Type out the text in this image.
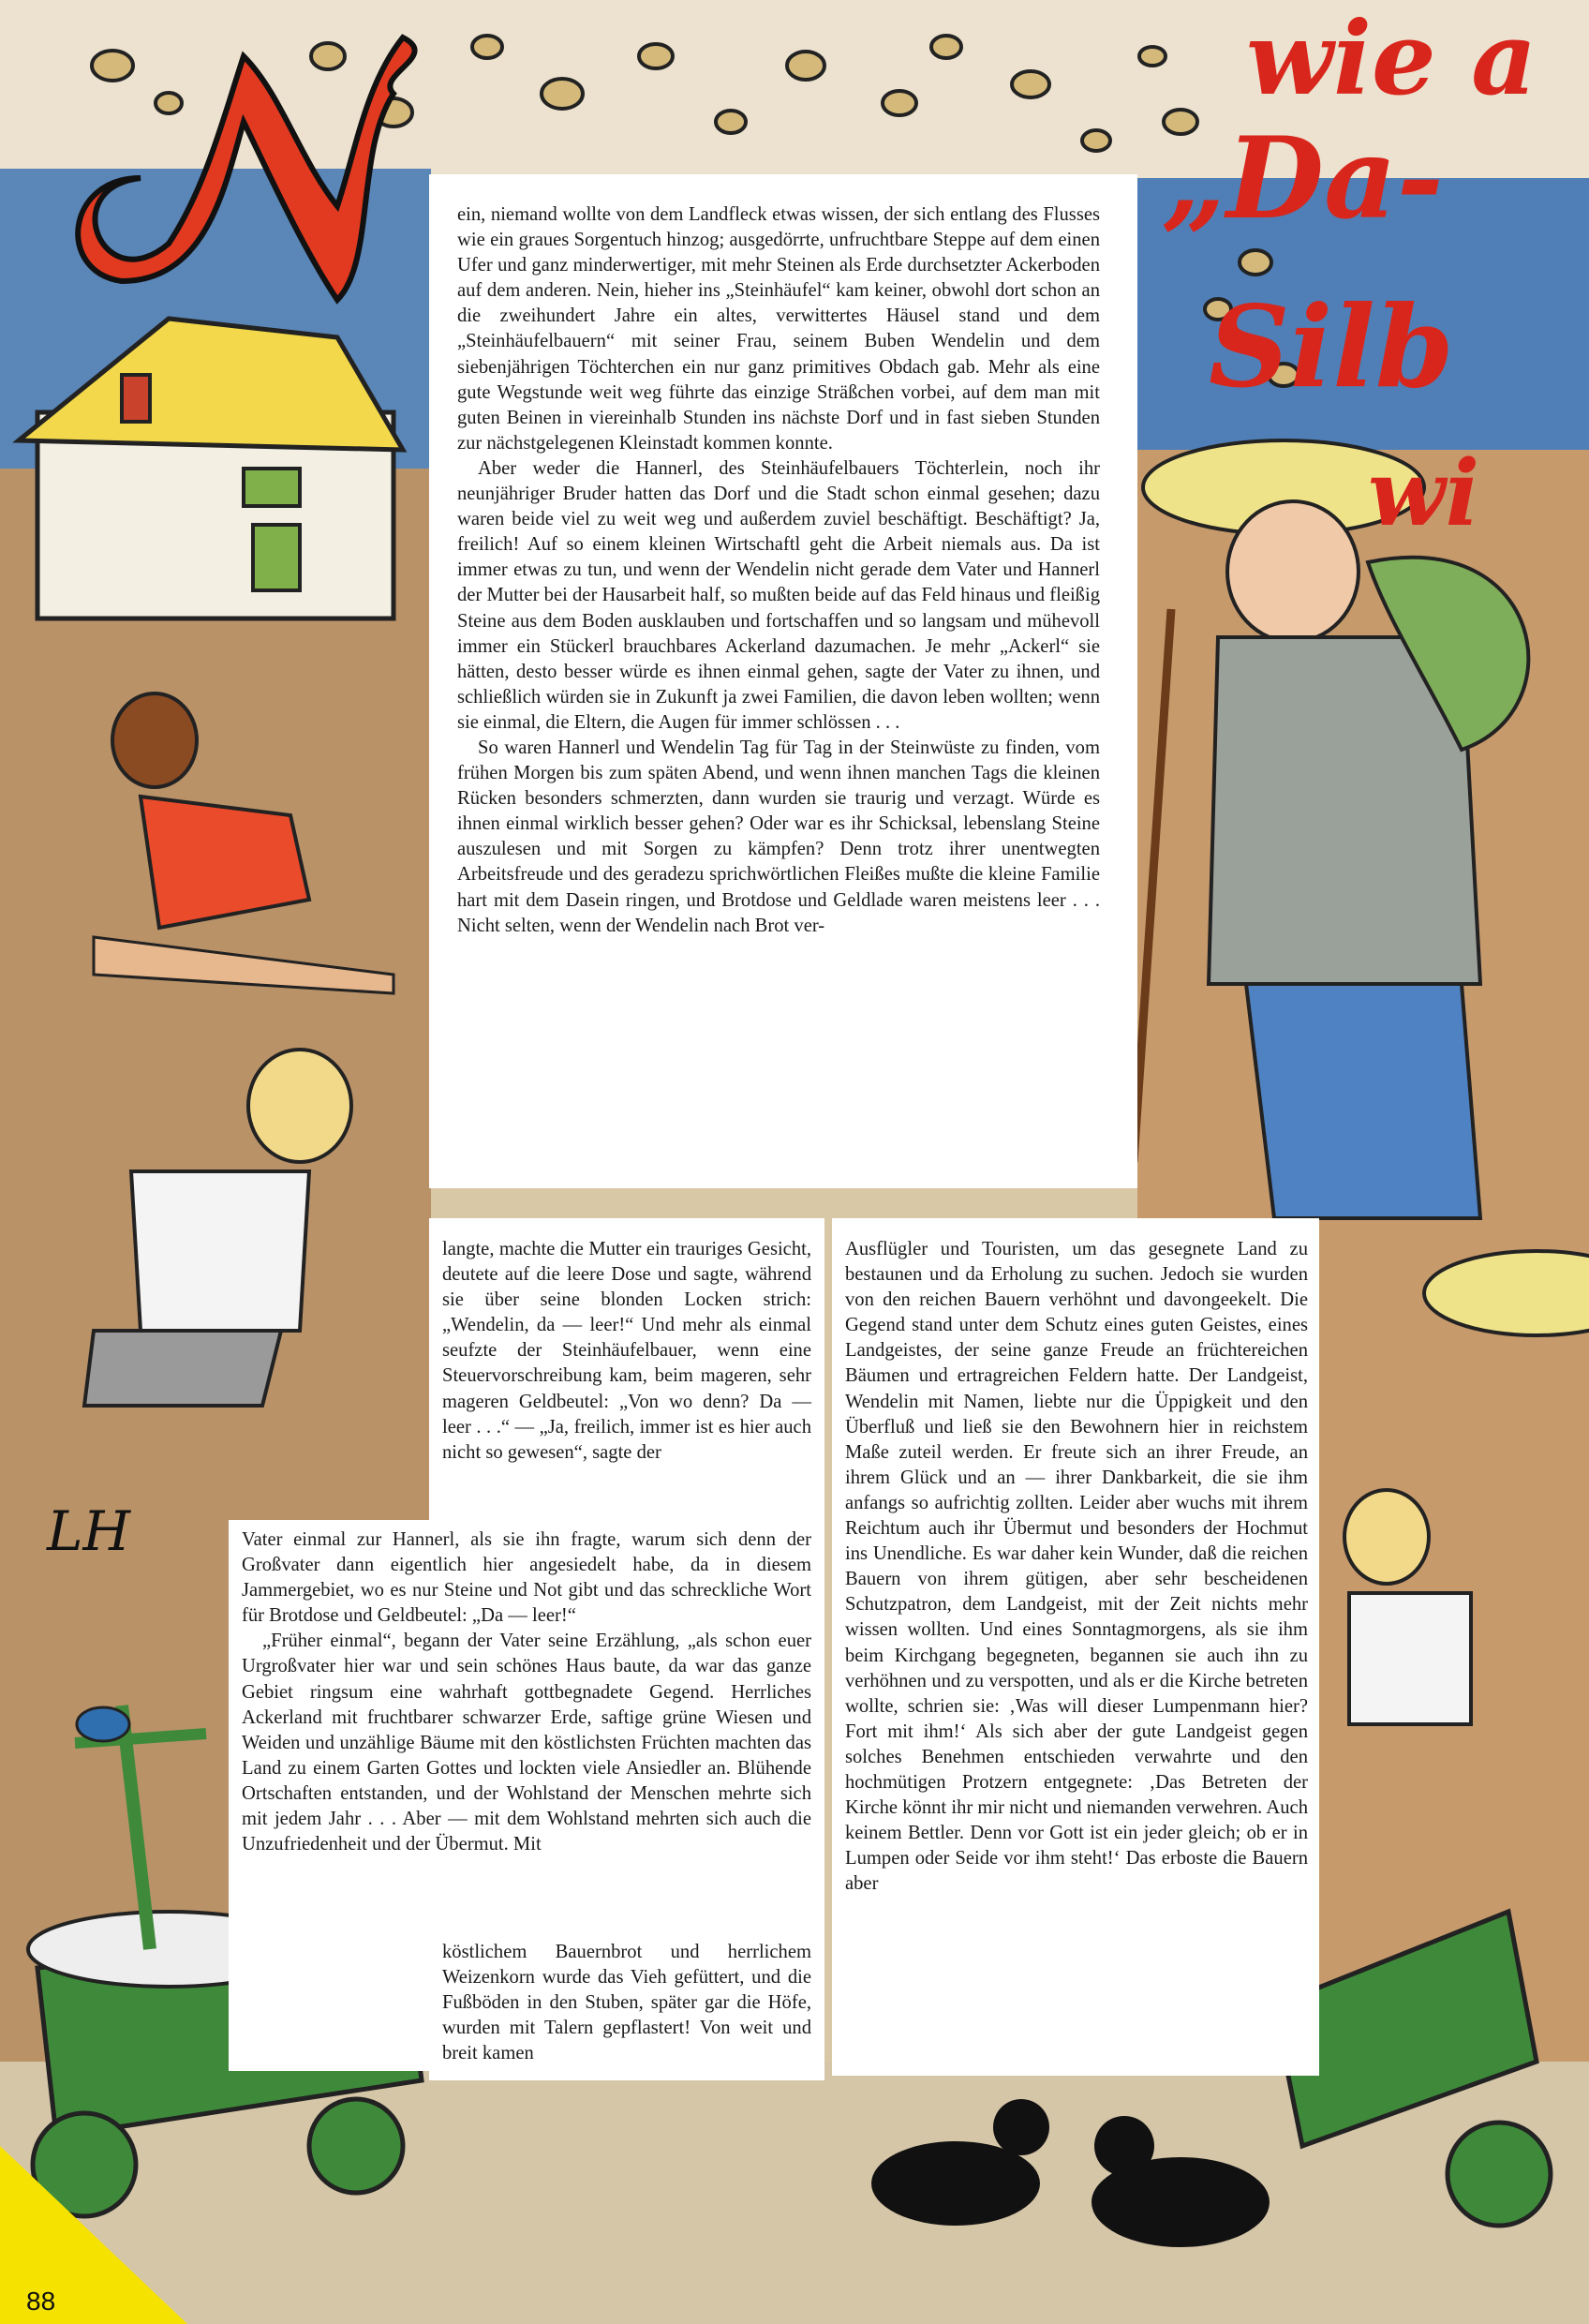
wie a
„Da-
Silb
wi
LH

ein, niemand wollte von dem Landfleck etwas wissen, der sich entlang des Flusses wie ein graues Sorgentuch hinzog; ausgedörrte, unfruchtbare Steppe auf dem einen Ufer und ganz minderwertiger, mit mehr Steinen als Erde durchsetzter Ackerboden auf dem anderen. Nein, hieher ins „Steinhäufel“ kam keiner, obwohl dort schon an die zweihundert Jahre ein altes, verwittertes Häusel stand und dem „Steinhäufelbauern“ mit seiner Frau, seinem Buben Wendelin und dem siebenjährigen Töchterchen ein nur ganz primitives Obdach gab. Mehr als eine gute Wegstunde weit weg führte das einzige Sträßchen vorbei, auf dem man mit guten Beinen in viereinhalb Stunden ins nächste Dorf und in fast sieben Stunden zur nächstgelegenen Kleinstadt kommen konnte.

Aber weder die Hannerl, des Steinhäufelbauers Töchterlein, noch ihr neunjähriger Bruder hatten das Dorf und die Stadt schon einmal gesehen; dazu waren beide viel zu weit weg und außerdem zuviel beschäftigt. Beschäftigt? Ja, freilich! Auf so einem kleinen Wirtschaftl geht die Arbeit niemals aus. Da ist immer etwas zu tun, und wenn der Wendelin nicht gerade dem Vater und Hannerl der Mutter bei der Hausarbeit half, so mußten beide auf das Feld hinaus und fleißig Steine aus dem Boden ausklauben und fortschaffen und so langsam und mühevoll immer ein Stückerl brauchbares Ackerland dazumachen. Je mehr „Ackerl“ sie hätten, desto besser würde es ihnen einmal gehen, sagte der Vater zu ihnen, und schließlich würden sie in Zukunft ja zwei Familien, die davon leben wollten; wenn sie einmal, die Eltern, die Augen für immer schlössen . . .

So waren Hannerl und Wendelin Tag für Tag in der Steinwüste zu finden, vom frühen Morgen bis zum späten Abend, und wenn ihnen manchen Tags die kleinen Rücken besonders schmerzten, dann wurden sie traurig und verzagt. Würde es ihnen einmal wirklich besser gehen? Oder war es ihr Schicksal, lebenslang Steine auszulesen und mit Sorgen zu kämpfen? Denn trotz ihrer unentwegten Arbeitsfreude und des geradezu sprichwörtlichen Fleißes mußte die kleine Familie hart mit dem Dasein ringen, und Brotdose und Geldlade waren meistens leer . . . Nicht selten, wenn der Wendelin nach Brot ver-

langte, machte die Mutter ein trauriges Gesicht, deutete auf die leere Dose und sagte, während sie über seine blonden Locken strich: „Wendelin, da — leer!“ Und mehr als einmal seufzte der Steinhäufelbauer, wenn eine Steuervorschreibung kam, beim mageren, sehr mageren Geldbeutel: „Von wo denn? Da — leer . . .“ — „Ja, freilich, immer ist es hier auch nicht so gewesen“, sagte der

Vater einmal zur Hannerl, als sie ihn fragte, warum sich denn der Großvater dann eigentlich hier angesiedelt habe, da in diesem Jammergebiet, wo es nur Steine und Not gibt und das schreckliche Wort für Brotdose und Geldbeutel: „Da — leer!“

„Früher einmal“, begann der Vater seine Erzählung, „als schon euer Urgroßvater hier war und sein schönes Haus baute, da war das ganze Gebiet ringsum eine wahrhaft gottbegnadete Gegend. Herrliches Ackerland mit fruchtbarer schwarzer Erde, saftige grüne Wiesen und Weiden und unzählige Bäume mit den köstlichsten Früchten machten das Land zu einem Garten Gottes und lockten viele Ansiedler an. Blühende Ortschaften entstanden, und der Wohlstand der Menschen mehrte sich mit jedem Jahr . . . Aber — mit dem Wohlstand mehrten sich auch die Unzufriedenheit und der Übermut. Mit

köstlichem Bauernbrot und herrlichem Weizenkorn wurde das Vieh gefüttert, und die Fußböden in den Stuben, später gar die Höfe, wurden mit Talern gepflastert! Von weit und breit kamen

Ausflügler und Touristen, um das gesegnete Land zu bestaunen und da Erholung zu suchen. Jedoch sie wurden von den reichen Bauern verhöhnt und davongeekelt. Die Gegend stand unter dem Schutz eines guten Geistes, eines Landgeistes, der seine ganze Freude an früchtereichen Bäumen und ertragreichen Feldern hatte. Der Landgeist, Wendelin mit Namen, liebte nur die Üppigkeit und den Überfluß und ließ sie den Bewohnern hier in reichstem Maße zuteil werden. Er freute sich an ihrer Freude, an ihrem Glück und an — ihrer Dankbarkeit, die sie ihm anfangs so aufrichtig zollten. Leider aber wuchs mit ihrem Reichtum auch ihr Übermut und besonders der Hochmut ins Unendliche. Es war daher kein Wunder, daß die reichen Bauern von ihrem gütigen, aber sehr bescheidenen Schutzpatron, dem Landgeist, mit der Zeit nichts mehr wissen wollten. Und eines Sonntagmorgens, als sie ihm beim Kirchgang begegneten, begannen sie auch ihn zu verhöhnen und zu verspotten, und als er die Kirche betreten wollte, schrien sie: ‚Was will dieser Lumpenmann hier? Fort mit ihm!‘ Als sich aber der gute Landgeist gegen solches Benehmen entschieden verwahrte und den hochmütigen Protzern entgegnete: ‚Das Betreten der Kirche könnt ihr mir nicht und niemanden verwehren. Auch keinem Bettler. Denn vor Gott ist ein jeder gleich; ob er in Lumpen oder Seide vor ihm steht!‘ Das erboste die Bauern aber

88
